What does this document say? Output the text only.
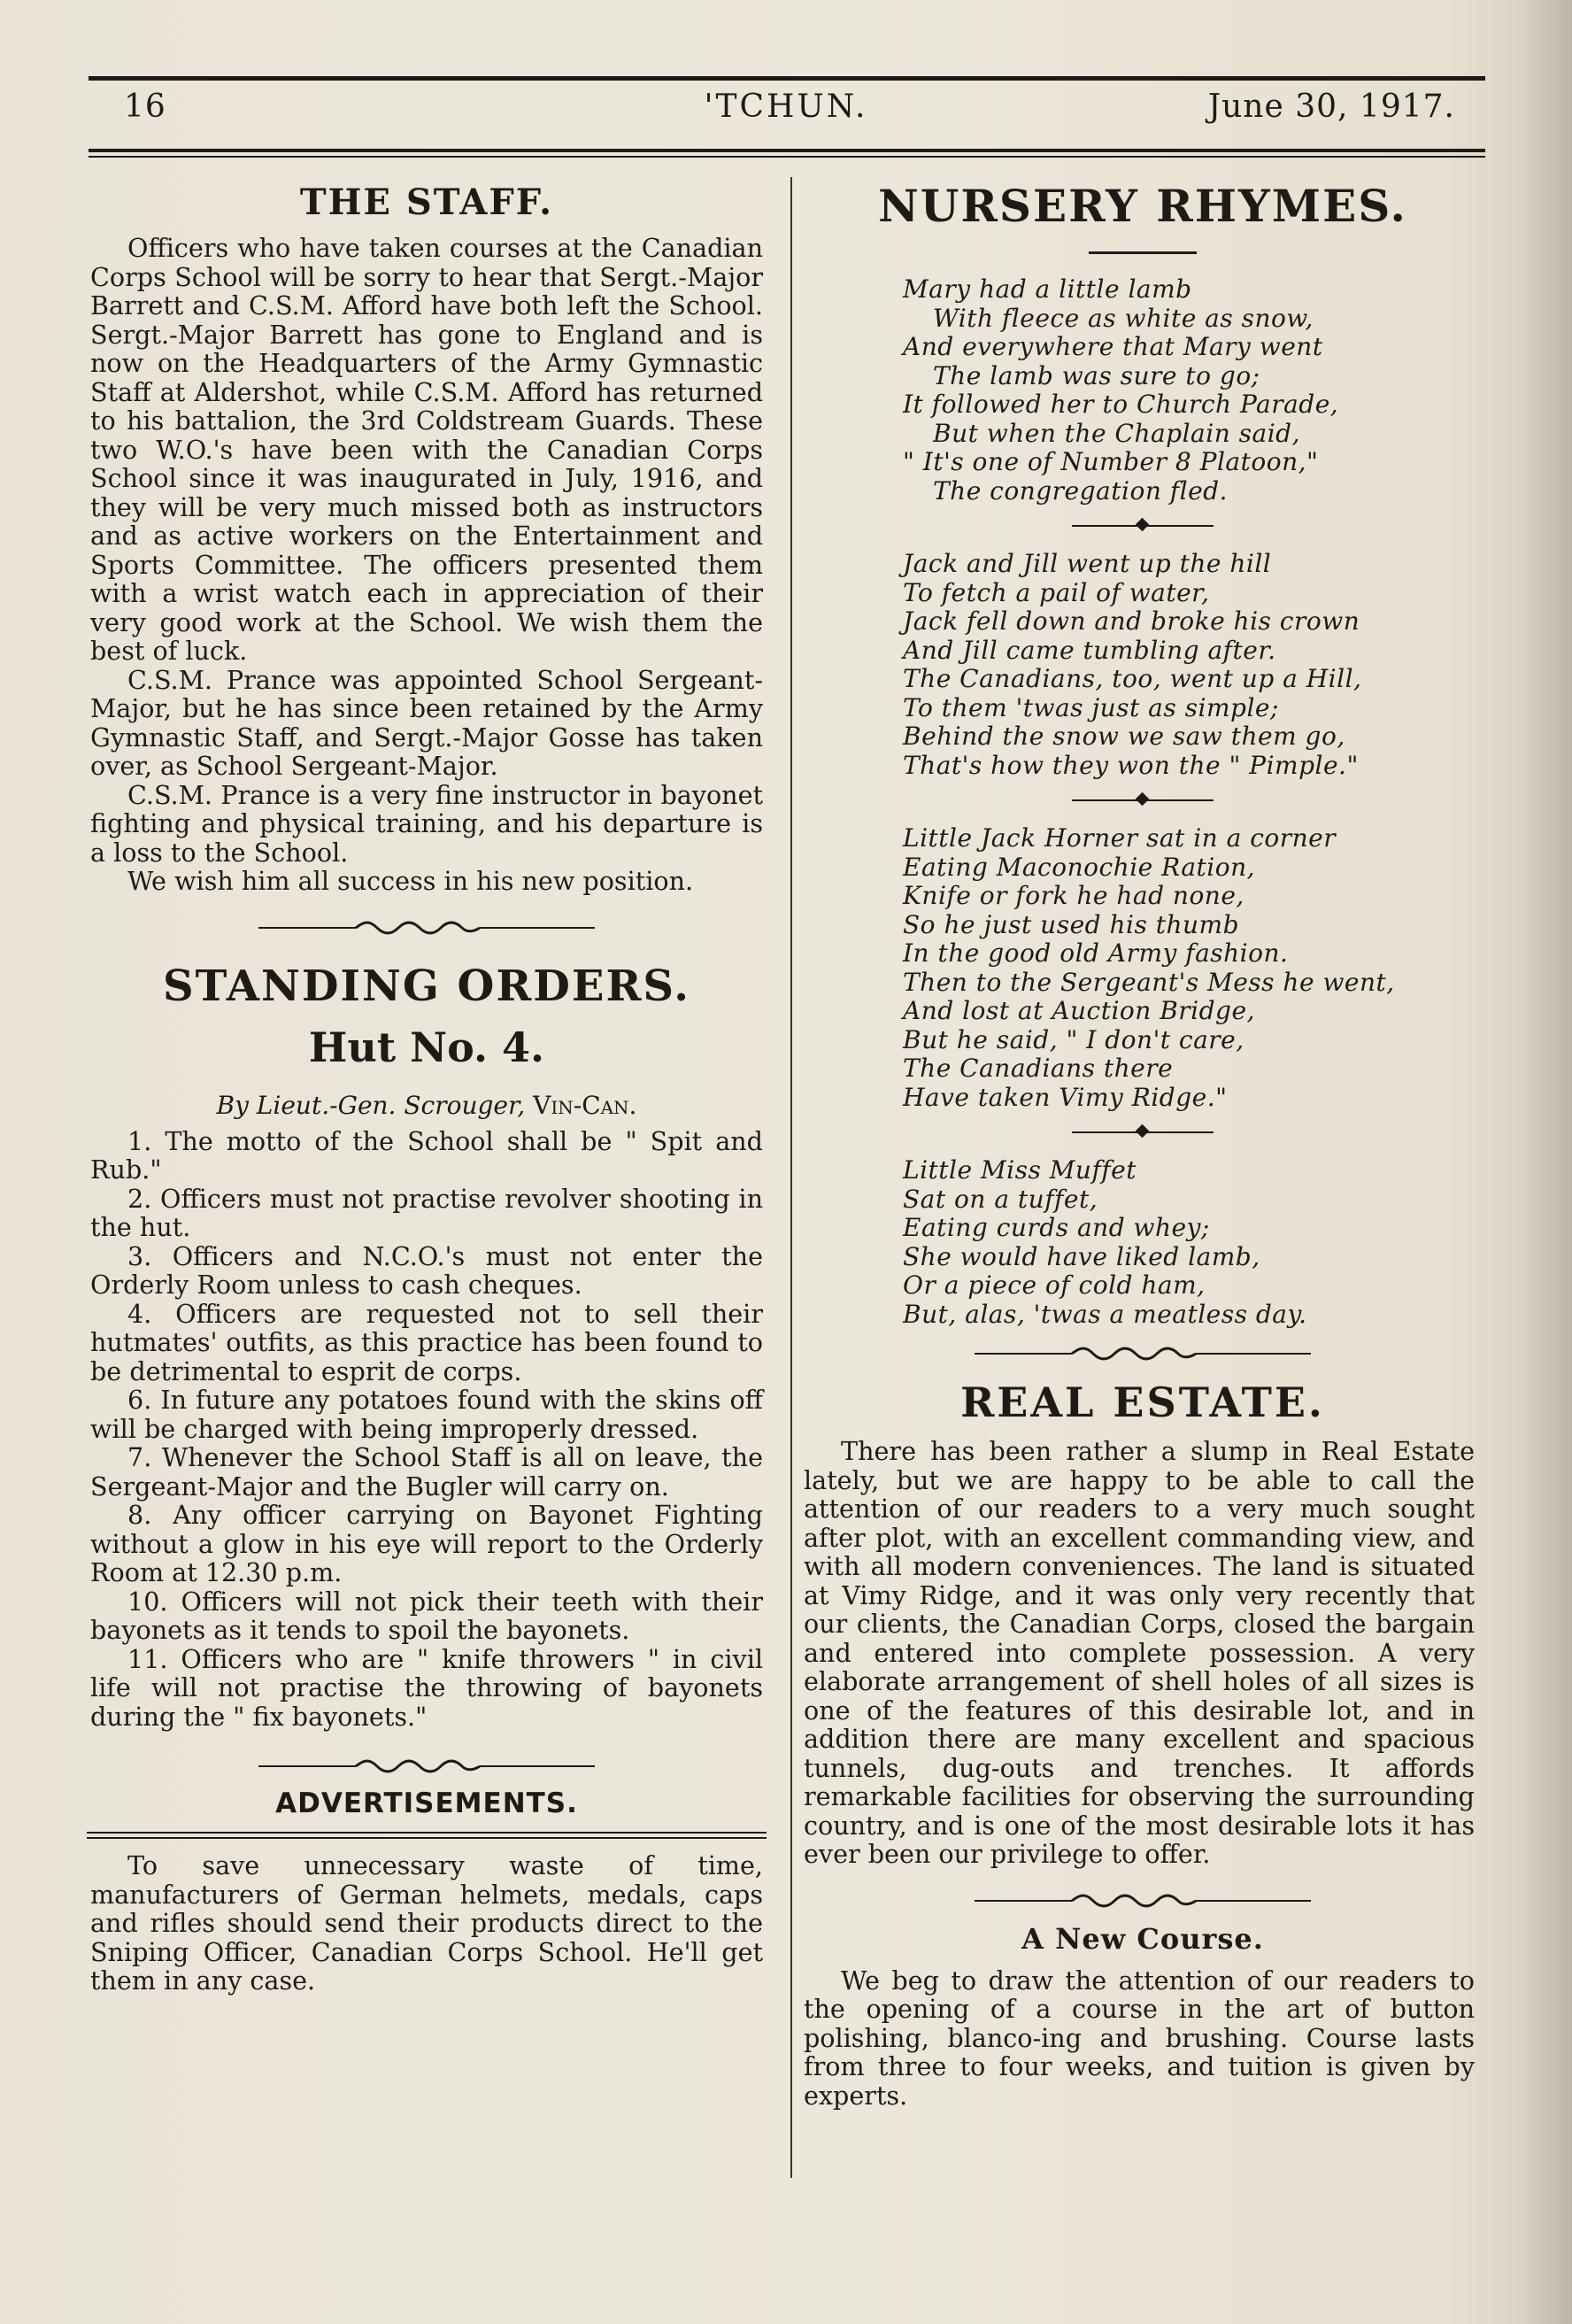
'TCHUN.
16	June 30, 1917.
THE STAFF.

Officers who have taken courses at the Canadian Corps School will be sorry to hear that Sergt.-Major Barrett and C.S.M. Afford have both left the School. Sergt.-Major Barrett has gone to England and is now on the Headquarters of the Army Gymnastic Staff at Aldershot, while C.S.M. Afford has returned to his battalion, the 3rd Coldstream Guards. These two W.O.'s have been with the Canadian Corps School since it was inaugurated in July, 1916, and they will be very much missed both as instructors and as active workers on the Entertainment and Sports Committee. The officers presented them with a wrist watch each in appreciation of their very good work at the School. We wish them the best of luck.

C.S.M. Prance was appointed School Sergeant-Major, but he has since been retained by the Army Gymnastic Staff, and Sergt.-Major Gosse has taken over, as School Sergeant-Major.

C.S.M. Prance is a very fine instructor in bayonet fighting and physical training, and his departure is a loss to the School.

We wish him all success in his new position.

STANDING ORDERS.
Hut No. 4.
By Lieut.-Gen. Scrouger, Vin-Can.

1. The motto of the School shall be " Spit and Rub."

2. Officers must not practise revolver shooting in the hut.

3. Officers and N.C.O.'s must not enter the Orderly Room unless to cash cheques.

4. Officers are requested not to sell their hutmates' outfits, as this practice has been found to be detrimental to esprit de corps.

6. In future any potatoes found with the skins off will be charged with being improperly dressed.

7. Whenever the School Staff is all on leave, the Sergeant-Major and the Bugler will carry on.

8. Any officer carrying on Bayonet Fighting without a glow in his eye will report to the Orderly Room at 12.30 p.m.

10. Officers will not pick their teeth with their bayonets as it tends to spoil the bayonets.

11. Officers who are " knife throwers " in civil life will not practise the throwing of bayonets during the " fix bayonets."

ADVERTISEMENTS.

To save unnecessary waste of time, manufacturers of German helmets, medals, caps and rifles should send their products direct to the Sniping Officer, Canadian Corps School. He'll get them in any case.

NURSERY RHYMES.
Mary had a little lamb
With fleece as white as snow,
And everywhere that Mary went
The lamb was sure to go;
It followed her to Church Parade,
But when the Chaplain said,
" It's one of Number 8 Platoon,"
The congregation fled.
Jack and Jill went up the hill
To fetch a pail of water,
Jack fell down and broke his crown
And Jill came tumbling after.
The Canadians, too, went up a Hill,
To them 'twas just as simple;
Behind the snow we saw them go,
That's how they won the " Pimple."
Little Jack Horner sat in a corner
Eating Maconochie Ration,
Knife or fork he had none,
So he just used his thumb
In the good old Army fashion.
Then to the Sergeant's Mess he went,
And lost at Auction Bridge,
But he said, " I don't care,
The Canadians there
Have taken Vimy Ridge."
Little Miss Muffet
Sat on a tuffet,
Eating curds and whey;
She would have liked lamb,
Or a piece of cold ham,
But, alas, 'twas a meatless day.
REAL ESTATE.

There has been rather a slump in Real Estate lately, but we are happy to be able to call the attention of our readers to a very much sought after plot, with an excellent commanding view, and with all modern conveniences. The land is situated at Vimy Ridge, and it was only very recently that our clients, the Canadian Corps, closed the bargain and entered into complete possession. A very elaborate arrangement of shell holes of all sizes is one of the features of this desirable lot, and in addition there are many excellent and spacious tunnels, dug-outs and trenches. It affords remarkable facilities for observing the surrounding country, and is one of the most desirable lots it has ever been our privilege to offer.

A New Course.

We beg to draw the attention of our readers to the opening of a course in the art of button polishing, blanco-ing and brushing. Course lasts from three to four weeks, and tuition is given by experts.
